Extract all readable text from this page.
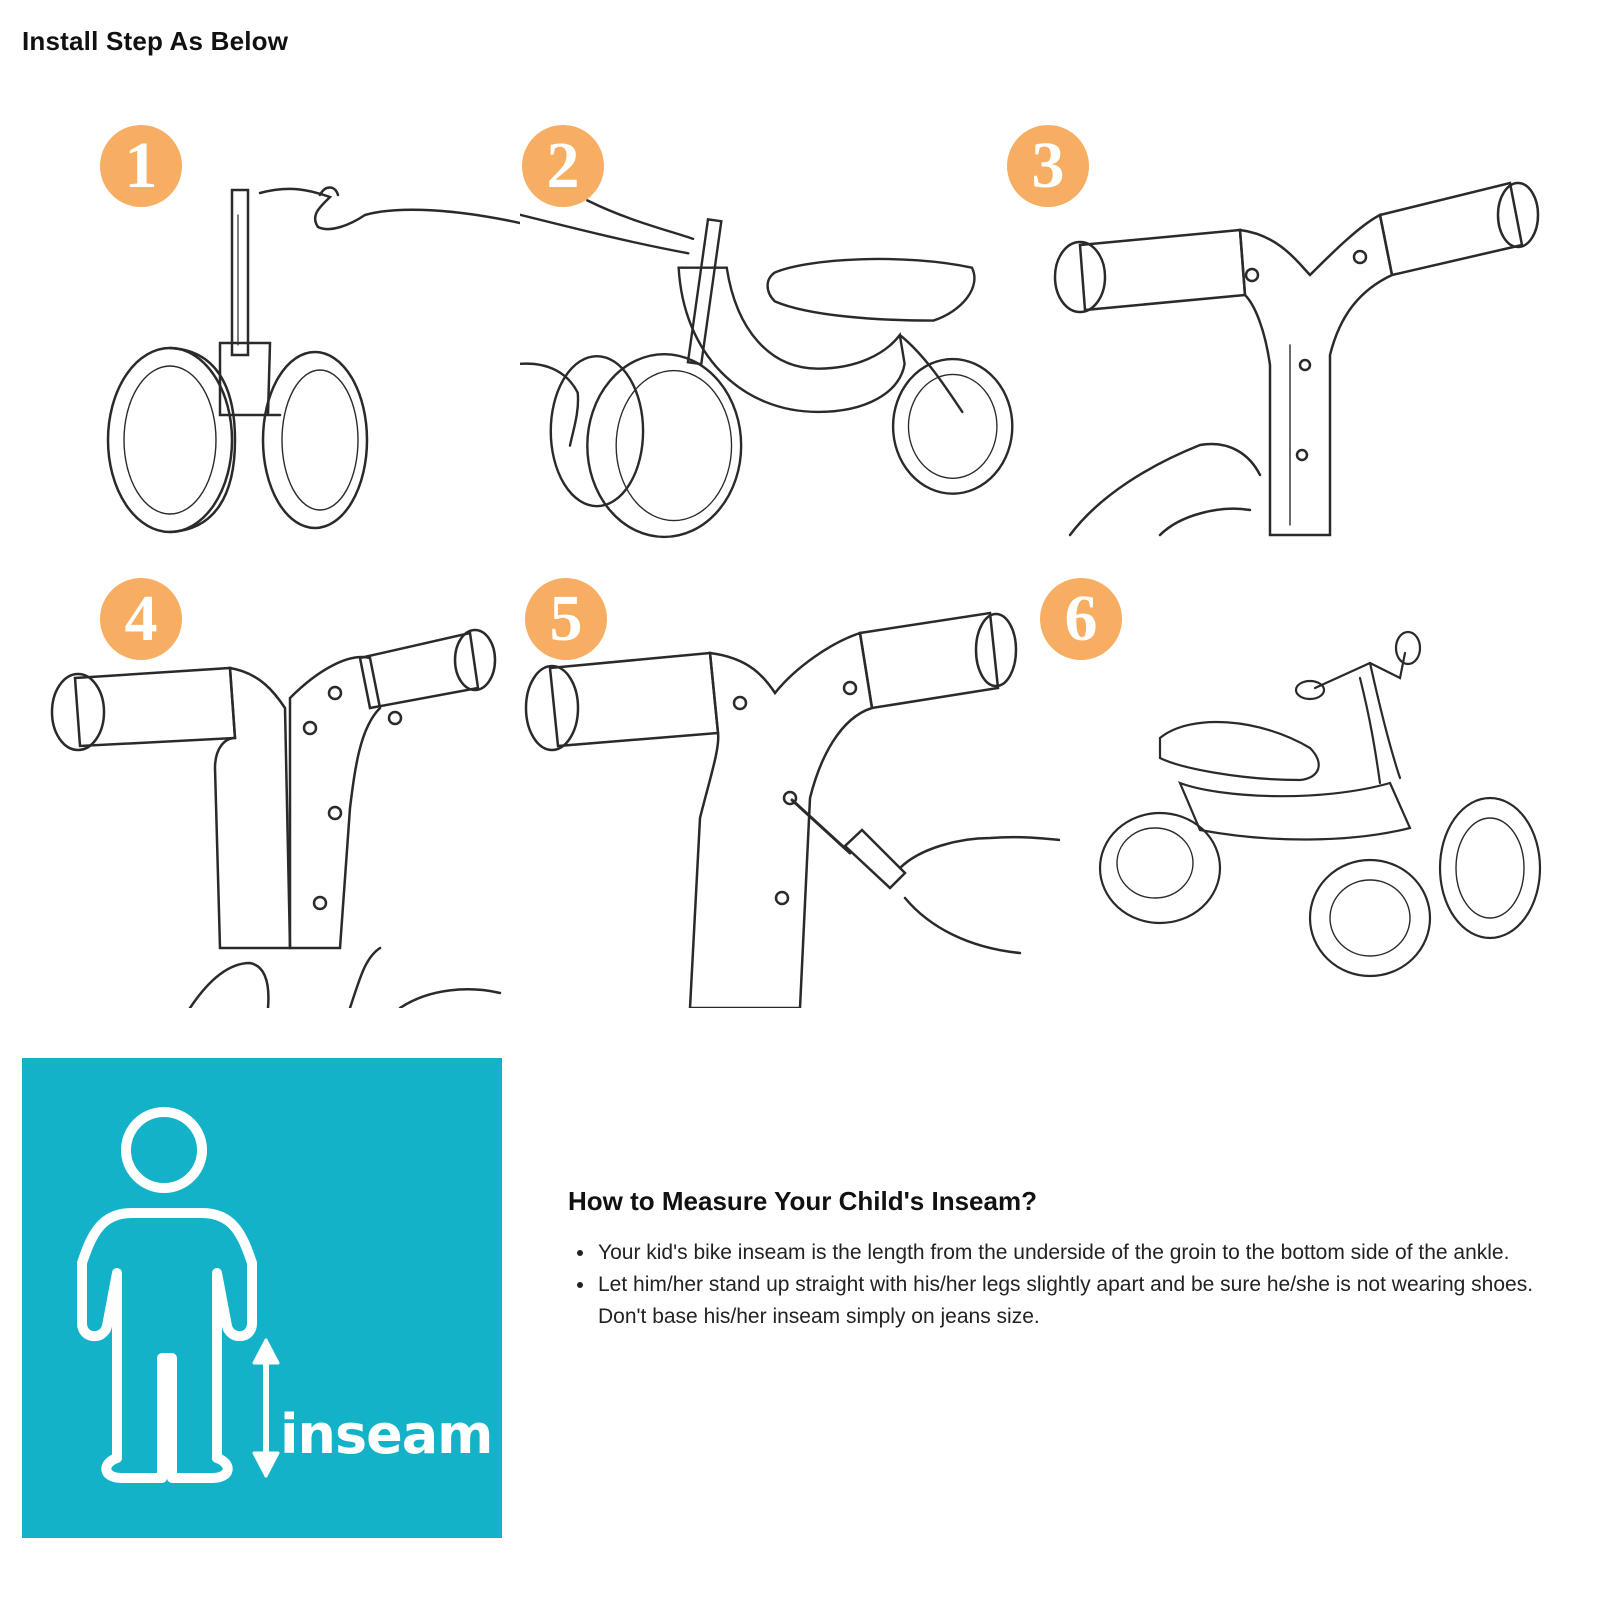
Install Step As Below
1	2	3
4	5	6
inseam
How to Measure Your Child's Inseam?
• Your kid's bike inseam is the length from the underside of the groin to the bottom side of the ankle.
• Let him/her stand up straight with his/her legs slightly apart and be sure he/she is not wearing shoes. Don't base his/her inseam simply on jeans size.
